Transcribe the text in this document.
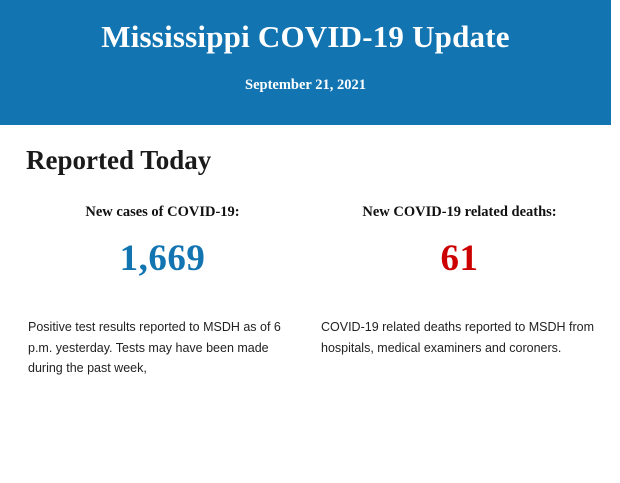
Mississippi COVID-19 Update
September 21, 2021
Reported Today
New cases of COVID-19:
1,669
New COVID-19 related deaths:
61
Positive test results reported to MSDH as of 6 p.m. yesterday. Tests may have been made during the past week,
COVID-19 related deaths reported to MSDH from hospitals, medical examiners and coroners.
